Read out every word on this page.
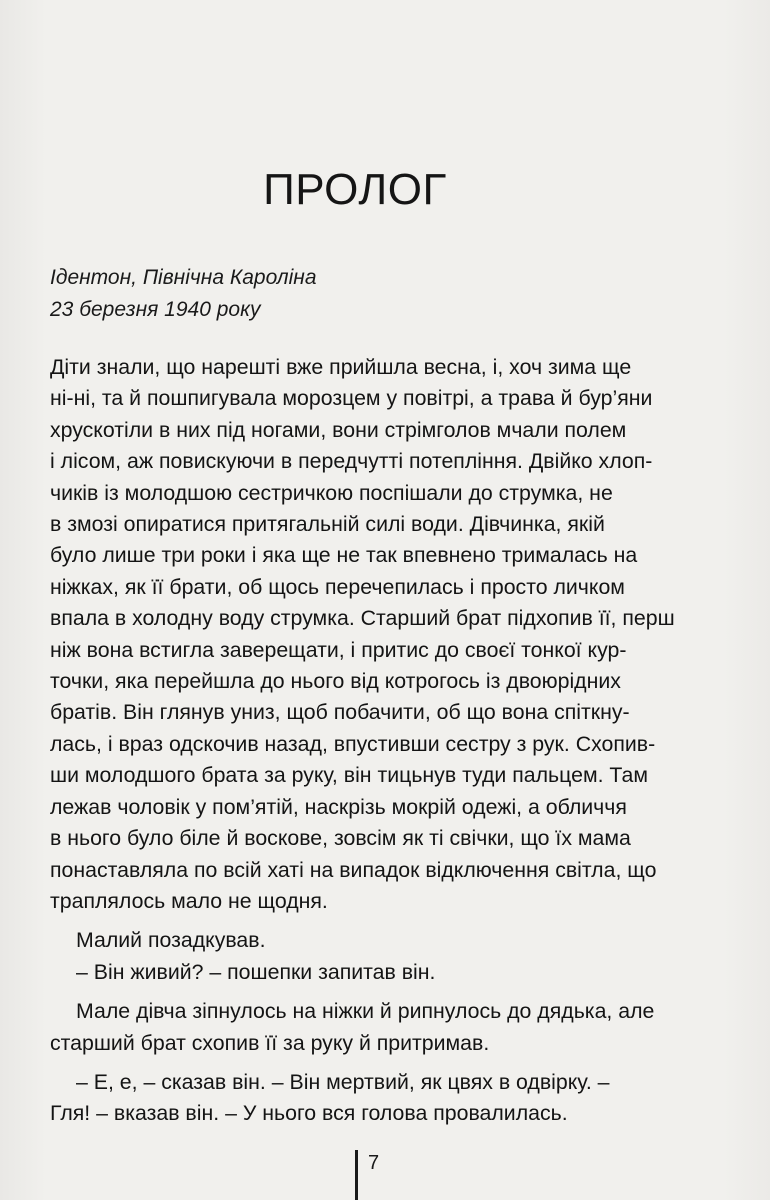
ПРОЛОГ
Ідентон, Північна Кароліна
23 березня 1940 року

Діти знали, що нарешті вже прийшла весна, і, хоч зима ще

ні-ні, та й пошпигувала морозцем у повітрі, а трава й бур’яни

хрускотіли в них під ногами, вони стрімголов мчали полем

і лісом, аж повискуючи в передчутті потепління. Двійко хлоп-

чиків із молодшою сестричкою поспішали до струмка, не

в змозі опиратися притягальній силі води. Дівчинка, якій

було лише три роки і яка ще не так впевнено трималась на

ніжках, як її брати, об щось перечепилась і просто личком

впала в холодну воду струмка. Старший брат підхопив її, перш

ніж вона встигла заверещати, і притис до своєї тонкої кур-

точки, яка перейшла до нього від котрогось із двоюрідних

братів. Він глянув униз, щоб побачити, об що вона спіткну-

лась, і враз одскочив назад, впустивши сестру з рук. Схопив-

ши молодшого брата за руку, він тицьнув туди пальцем. Там

лежав чоловік у пом’ятій, наскрізь мокрій одежі, а обличчя

в нього було біле й воскове, зовсім як ті свічки, що їх мама

понаставляла по всій хаті на випадок відключення світла, що

траплялось мало не щодня.

Малий позадкував.

– Він живий? – пошепки запитав він.

Мале дівча зіпнулось на ніжки й рипнулось до дядька, але

старший брат схопив її за руку й притримав.

– Е, е, – сказав він. – Він мертвий, як цвях в одвірку. –

Гля! – вказав він. – У нього вся голова провалилась.

7
